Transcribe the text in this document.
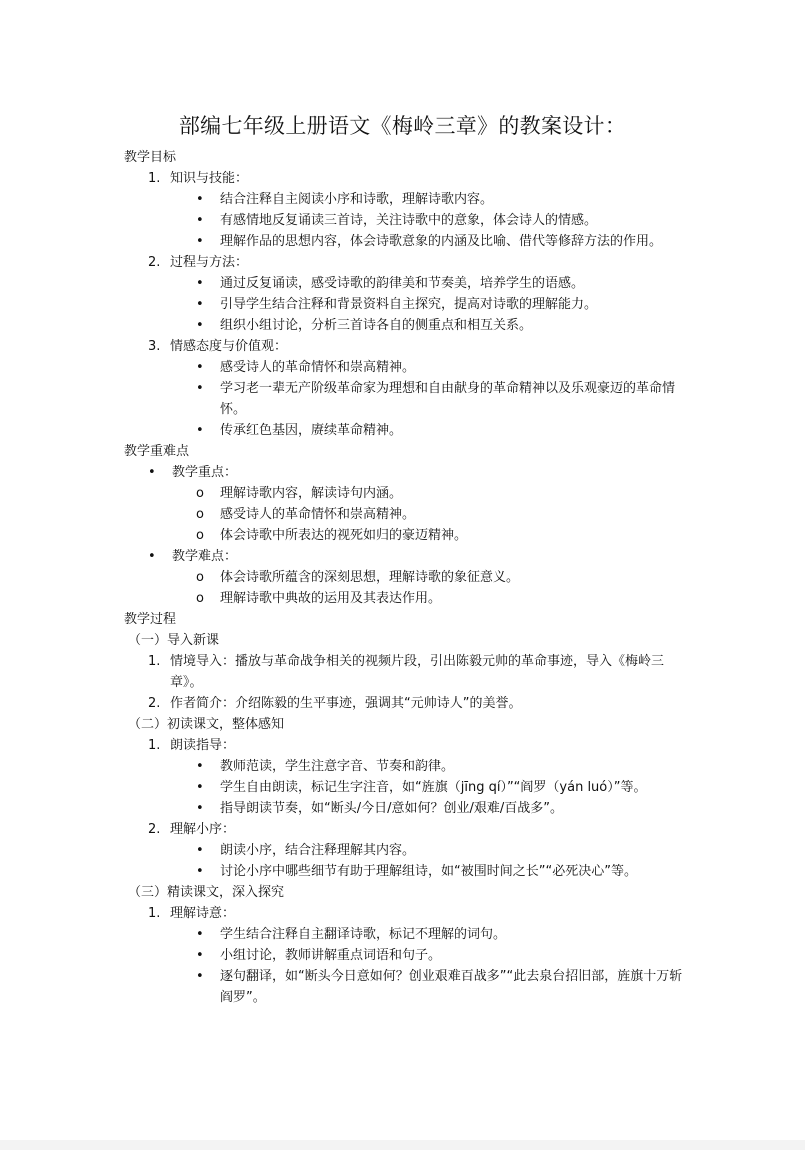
部编七年级上册语文《梅岭三章》的教案设计：
教学目标
1. 知识与技能：
•	结合注释自主阅读小序和诗歌，理解诗歌内容。
•	有感情地反复诵读三首诗，关注诗歌中的意象，体会诗人的情感。
•	理解作品的思想内容，体会诗歌意象的内涵及比喻、借代等修辞方法的作用。
2. 过程与方法：
•	通过反复诵读，感受诗歌的韵律美和节奏美，培养学生的语感。
•	引导学生结合注释和背景资料自主探究，提高对诗歌的理解能力。
•	组织小组讨论，分析三首诗各自的侧重点和相互关系。
3. 情感态度与价值观：
•	感受诗人的革命情怀和崇高精神。
•	学习老一辈无产阶级革命家为理想和自由献身的革命精神以及乐观豪迈的革命情怀。
•	传承红色基因，赓续革命精神。
教学重难点
•	教学重点：
o	理解诗歌内容，解读诗句内涵。
o	感受诗人的革命情怀和崇高精神。
o	体会诗歌中所表达的视死如归的豪迈精神。
•	教学难点：
o	体会诗歌所蕴含的深刻思想，理解诗歌的象征意义。
o	理解诗歌中典故的运用及其表达作用。
教学过程
（一）导入新课
1. 情境导入：播放与革命战争相关的视频片段，引出陈毅元帅的革命事迹，导入《梅岭三章》。
2. 作者简介：介绍陈毅的生平事迹，强调其“元帅诗人”的美誉。
（二）初读课文，整体感知
1. 朗读指导：
•	教师范读，学生注意字音、节奏和韵律。
•	学生自由朗读，标记生字注音，如“旌旗（jīng qí）”“阎罗（yán luó）”等。
•	指导朗读节奏，如“断头/今日/意如何？创业/艰难/百战多”。
2. 理解小序：
•	朗读小序，结合注释理解其内容。
•	讨论小序中哪些细节有助于理解组诗，如“被围时间之长”“必死决心”等。
（三）精读课文，深入探究
1. 理解诗意：
•	学生结合注释自主翻译诗歌，标记不理解的词句。
•	小组讨论，教师讲解重点词语和句子。
•	逐句翻译，如“断头今日意如何？创业艰难百战多”“此去泉台招旧部，旌旗十万斩阎罗”。
